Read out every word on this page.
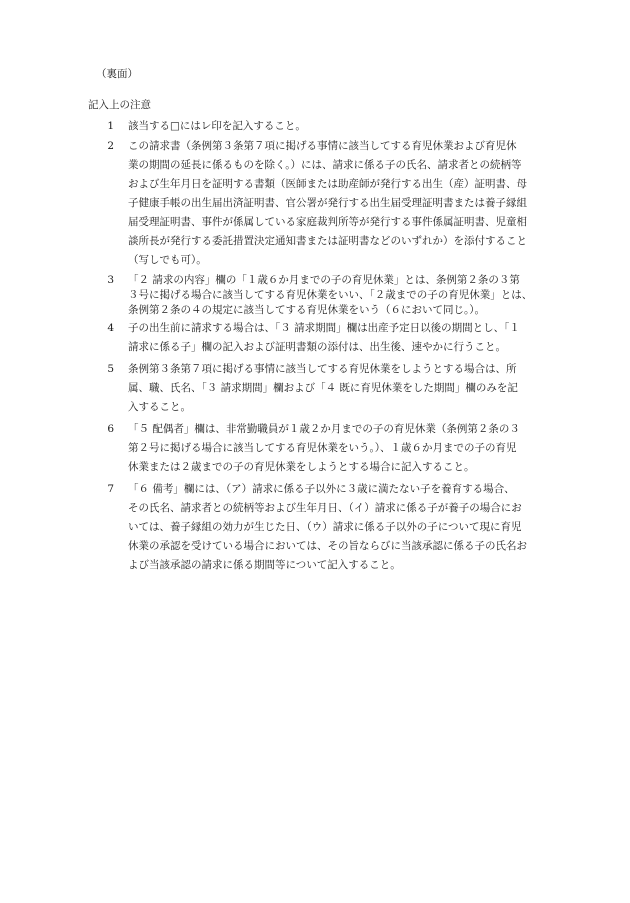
（裏面）
記入上の注意
1	該当する□にはレ印を記入すること。
2	この請求書（条例第３条第７項に掲げる事情に該当してする育児休業および育児休
業の期間の延長に係るものを除く。）には、請求に係る子の氏名、請求者との続柄等
および生年月日を証明する書類（医師または助産師が発行する出生（産）証明書、母
子健康手帳の出生届出済証明書、官公署が発行する出生届受理証明書または養子縁組
届受理証明書、事件が係属している家庭裁判所等が発行する事件係属証明書、児童相
談所長が発行する委託措置決定通知書または証明書などのいずれか）を添付すること
（写しでも可）。
3	「２ 請求の内容」欄の「１歳６か月までの子の育児休業」とは、条例第２条の３第
３号に掲げる場合に該当してする育児休業をいい、「２歳までの子の育児休業」とは、
条例第２条の４の規定に該当してする育児休業をいう（６において同じ。）。
4	子の出生前に請求する場合は、「３ 請求期間」欄は出産予定日以後の期間とし、「１
請求に係る子」欄の記入および証明書類の添付は、出生後、速やかに行うこと。
5	条例第３条第７項に掲げる事情に該当してする育児休業をしようとする場合は、所
属、職、氏名、「３ 請求期間」欄および「４ 既に育児休業をした期間」欄のみを記
入すること。
6	「５ 配偶者」欄は、非常勤職員が１歳２か月までの子の育児休業（条例第２条の３
第２号に掲げる場合に該当してする育児休業をいう。）、１歳６か月までの子の育児
休業または２歳までの子の育児休業をしようとする場合に記入すること。
7	「６ 備考」欄には、（ア）請求に係る子以外に３歳に満たない子を養育する場合、
その氏名、請求者との続柄等および生年月日、（イ）請求に係る子が養子の場合にお
いては、養子縁組の効力が生じた日、（ウ）請求に係る子以外の子について現に育児
休業の承認を受けている場合においては、その旨ならびに当該承認に係る子の氏名お
よび当該承認の請求に係る期間等について記入すること。
